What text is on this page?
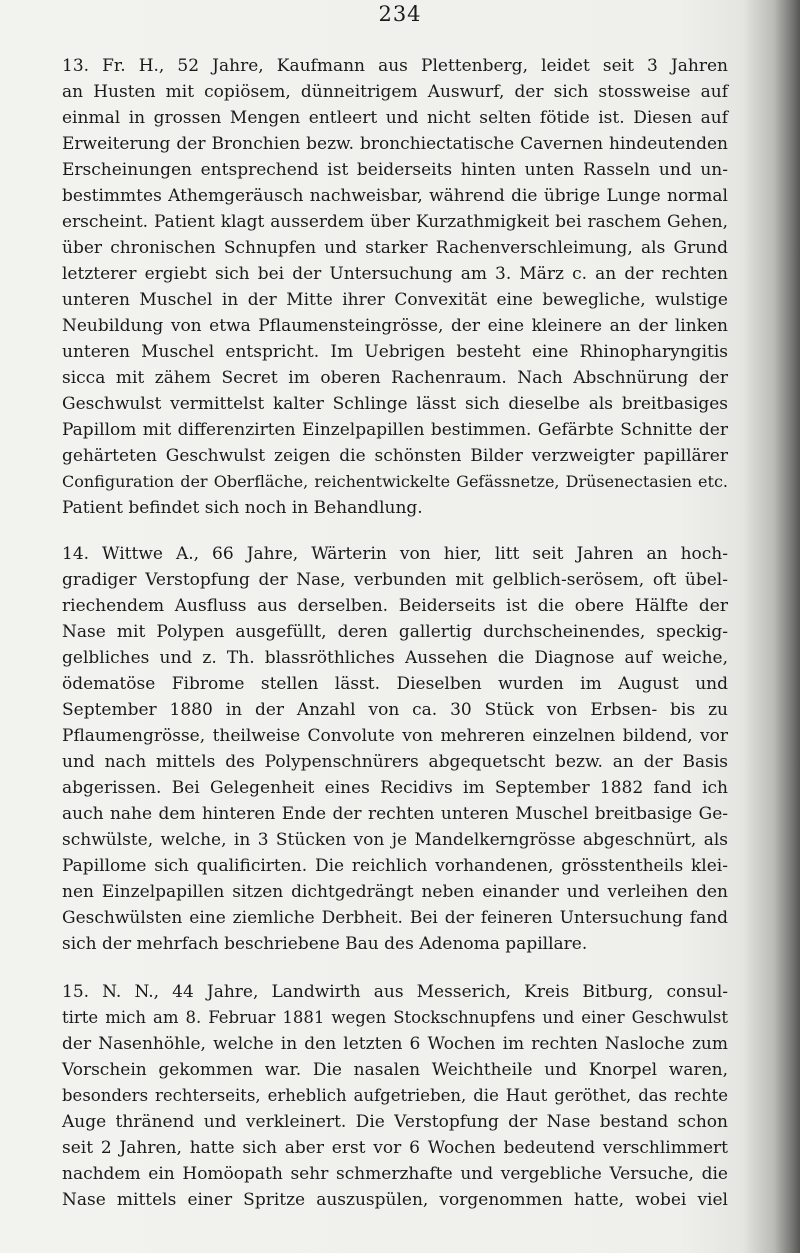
234
13. Fr. H., 52 Jahre, Kaufmann aus Plettenberg, leidet seit 3 Jahren
an Husten mit copiösem, dünneitrigem Auswurf, der sich stossweise auf
einmal in grossen Mengen entleert und nicht selten fötide ist. Diesen auf
Erweiterung der Bronchien bezw. bronchiectatische Cavernen hindeutenden
Erscheinungen entsprechend ist beiderseits hinten unten Rasseln und un-
bestimmtes Athemgeräusch nachweisbar, während die übrige Lunge normal
erscheint. Patient klagt ausserdem über Kurzathmigkeit bei raschem Gehen,
über chronischen Schnupfen und starker Rachenverschleimung, als Grund
letzterer ergiebt sich bei der Untersuchung am 3. März c. an der rechten
unteren Muschel in der Mitte ihrer Convexität eine bewegliche, wulstige
Neubildung von etwa Pflaumensteingrösse, der eine kleinere an der linken
unteren Muschel entspricht. Im Uebrigen besteht eine Rhinopharyngitis
sicca mit zähem Secret im oberen Rachenraum. Nach Abschnürung der
Geschwulst vermittelst kalter Schlinge lässt sich dieselbe als breitbasiges
Papillom mit differenzirten Einzelpapillen bestimmen. Gefärbte Schnitte der
gehärteten Geschwulst zeigen die schönsten Bilder verzweigter papillärer
Configuration der Oberfläche, reichentwickelte Gefässnetze, Drüsenectasien etc.
Patient befindet sich noch in Behandlung.
14. Wittwe A., 66 Jahre, Wärterin von hier, litt seit Jahren an hoch-
gradiger Verstopfung der Nase, verbunden mit gelblich-serösem, oft übel-
riechendem Ausfluss aus derselben. Beiderseits ist die obere Hälfte der
Nase mit Polypen ausgefüllt, deren gallertig durchscheinendes, speckig-
gelbliches und z. Th. blassröthliches Aussehen die Diagnose auf weiche,
ödematöse Fibrome stellen lässt. Dieselben wurden im August und
September 1880 in der Anzahl von ca. 30 Stück von Erbsen- bis zu
Pflaumengrösse, theilweise Convolute von mehreren einzelnen bildend, vor
und nach mittels des Polypenschnürers abgequetscht bezw. an der Basis
abgerissen. Bei Gelegenheit eines Recidivs im September 1882 fand ich
auch nahe dem hinteren Ende der rechten unteren Muschel breitbasige Ge-
schwülste, welche, in 3 Stücken von je Mandelkerngrösse abgeschnürt, als
Papillome sich qualificirten. Die reichlich vorhandenen, grösstentheils klei-
nen Einzelpapillen sitzen dichtgedrängt neben einander und verleihen den
Geschwülsten eine ziemliche Derbheit. Bei der feineren Untersuchung fand
sich der mehrfach beschriebene Bau des Adenoma papillare.
15. N. N., 44 Jahre, Landwirth aus Messerich, Kreis Bitburg, consul-
tirte mich am 8. Februar 1881 wegen Stockschnupfens und einer Geschwulst
der Nasenhöhle, welche in den letzten 6 Wochen im rechten Nasloche zum
Vorschein gekommen war. Die nasalen Weichtheile und Knorpel waren,
besonders rechterseits, erheblich aufgetrieben, die Haut geröthet, das rechte
Auge thränend und verkleinert. Die Verstopfung der Nase bestand schon
seit 2 Jahren, hatte sich aber erst vor 6 Wochen bedeutend verschlimmert
nachdem ein Homöopath sehr schmerzhafte und vergebliche Versuche, die
Nase mittels einer Spritze auszuspülen, vorgenommen hatte, wobei viel
